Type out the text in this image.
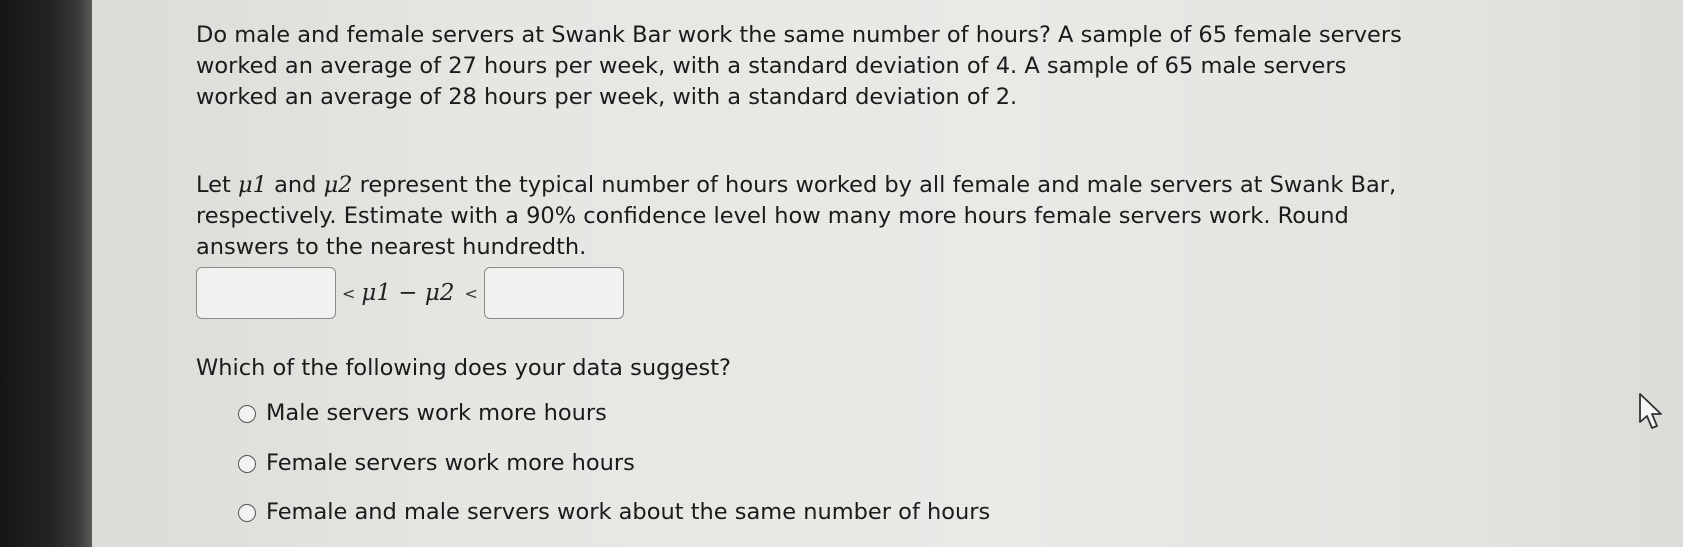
Do male and female servers at Swank Bar work the same number of hours? A sample of 65 female servers worked an average of 27 hours per week, with a standard deviation of 4. A sample of 65 male servers worked an average of 28 hours per week, with a standard deviation of 2.

Let μ1 and μ2 represent the typical number of hours worked by all female and male servers at Swank Bar, respectively. Estimate with a 90% confidence level how many more hours female servers work. Round answers to the nearest hundredth.

< μ1 − μ2 <

Which of the following does your data suggest?

Male servers work more hours
Female servers work more hours
Female and male servers work about the same number of hours
